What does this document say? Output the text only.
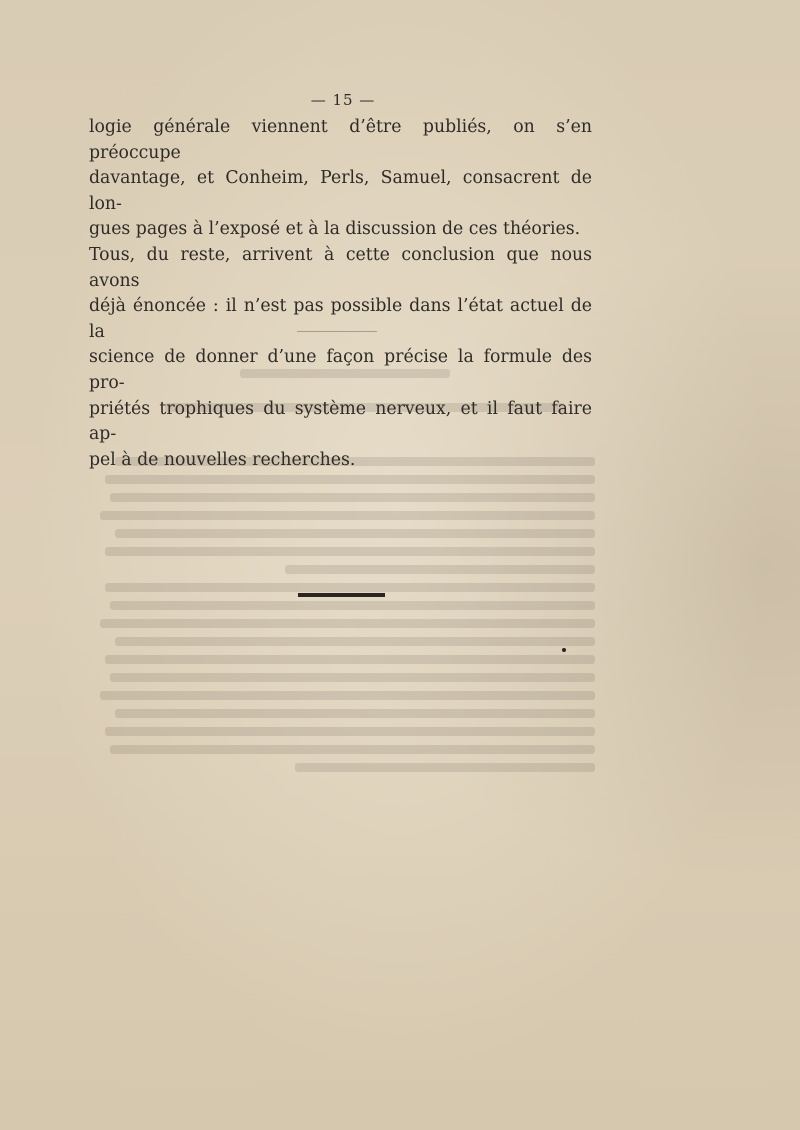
— 15 —
logie générale viennent d’être publiés, on s’en préoccupe
davantage, et Conheim, Perls, Samuel, consacrent de lon-
gues pages à l’exposé et à la discussion de ces théories.
Tous, du reste, arrivent à cette conclusion que nous avons
déjà énoncée : il n’est pas possible dans l’état actuel de la
science de donner d’une façon précise la formule des pro-
priétés trophiques du système nerveux, et il faut faire ap-
pel à de nouvelles recherches.
